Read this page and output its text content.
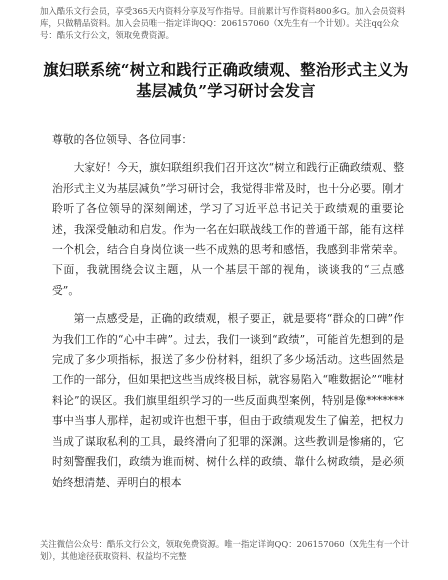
加入酷乐文行会员，享受365天内资料分享及写作指导。目前累计写作资料800多G。加入会员资料库，只做精品资料。加入会员唯一指定详询QQ：206157060（X先生有一个计划）。关注qq公众号：酷乐文行公文，领取免费资源。
旗妇联系统“树立和践行正确政绩观、整治形式主义为基层减负”学习研讨会发言

尊敬的各位领导、各位同事：

大家好！今天，旗妇联组织我们召开这次“树立和践行正确政绩观、整治形式主义为基层减负”学习研讨会，我觉得非常及时，也十分必要。刚才聆听了各位领导的深刻阐述，学习了习近平总书记关于政绩观的重要论述，我深受触动和启发。作为一名在妇联战线工作的普通干部，能有这样一个机会，结合自身岗位谈一些不成熟的思考和感悟，我感到非常荣幸。下面，我就围绕会议主题，从一个基层干部的视角，谈谈我的“三点感受”。

第一点感受是，正确的政绩观，根子要正，就是要将“群众的口碑”作为我们工作的“心中丰碑”。过去，我们一谈到“政绩”，可能首先想到的是完成了多少项指标，报送了多少份材料，组织了多少场活动。这些固然是工作的一部分，但如果把这些当成终极目标，就容易陷入“唯数据论”“唯材料论”的误区。我们旗里组织学习的一些反面典型案例，特别是像*******事中当事人那样，起初或许也想干事，但由于政绩观发生了偏差，把权力当成了谋取私利的工具，最终滑向了犯罪的深渊。这些教训是惨痛的，它时刻警醒我们，政绩为谁而树、树什么样的政绩、靠什么树政绩，是必须始终想清楚、弄明白的根本

关注微信公众号：酷乐文行公文，领取免费资源。唯一指定详询QQ：206157060（X先生有一个计划），其他途径获取资料、权益均不完整
